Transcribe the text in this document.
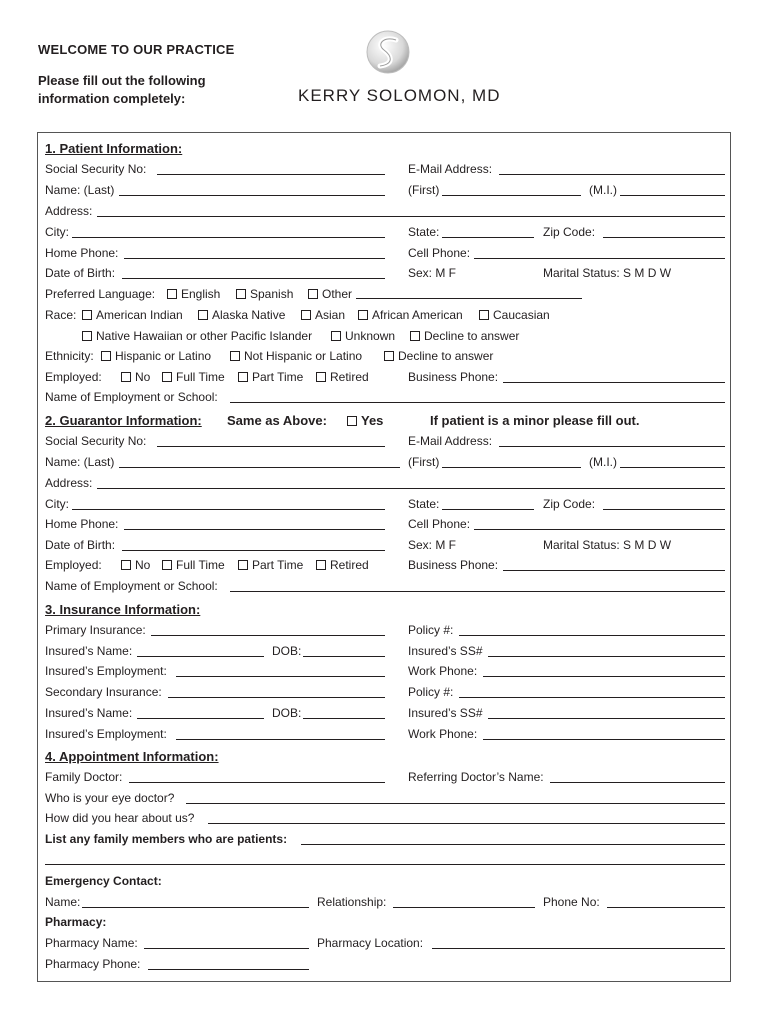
WELCOME TO OUR PRACTICE
Please fill out the following information completely:	KERRY SOLOMON, MD
1. Patient Information:
Social Security No:	E-Mail Address:
Name: (Last)	(First)	(M.I.)
Address:
City:	State:	Zip Code:
Home Phone:	Cell Phone:
Date of Birth:	Sex: M F	Marital Status: S M D W
Preferred Language:	English	Spanish	Other
Race:	American Indian	Alaska Native	Asian	African American	Caucasian
Native Hawaiian or other Pacific Islander	Unknown	Decline to answer
Ethnicity:	Hispanic or Latino	Not Hispanic or Latino	Decline to answer
Employed:	No	Full Time	Part Time	Retired	Business Phone:
Name of Employment or School:
2. Guarantor Information: Same as Above:	Yes	If patient is a minor please fill out.
Social Security No:	E-Mail Address:
Name: (Last)	(First)	(M.I.)
Address:
City:	State:	Zip Code:
Home Phone:	Cell Phone:
Date of Birth:	Sex: M F	Marital Status: S M D W
Employed:	No	Full Time	Part Time	Retired	Business Phone:
Name of Employment or School:
3. Insurance Information:
Primary Insurance:	Policy #:
Insured’s Name:	DOB:	Insured’s SS#
Insured’s Employment:	Work Phone:
Secondary Insurance:	Policy #:
Insured’s Name:	DOB:	Insured’s SS#
Insured’s Employment:	Work Phone:
4. Appointment Information:
Family Doctor:	Referring Doctor’s Name:
Who is your eye doctor?
How did you hear about us?
List any family members who are patients:
Emergency Contact:
Name:	Relationship:	Phone No:
Pharmacy:
Pharmacy Name:	Pharmacy Location:
Pharmacy Phone:
